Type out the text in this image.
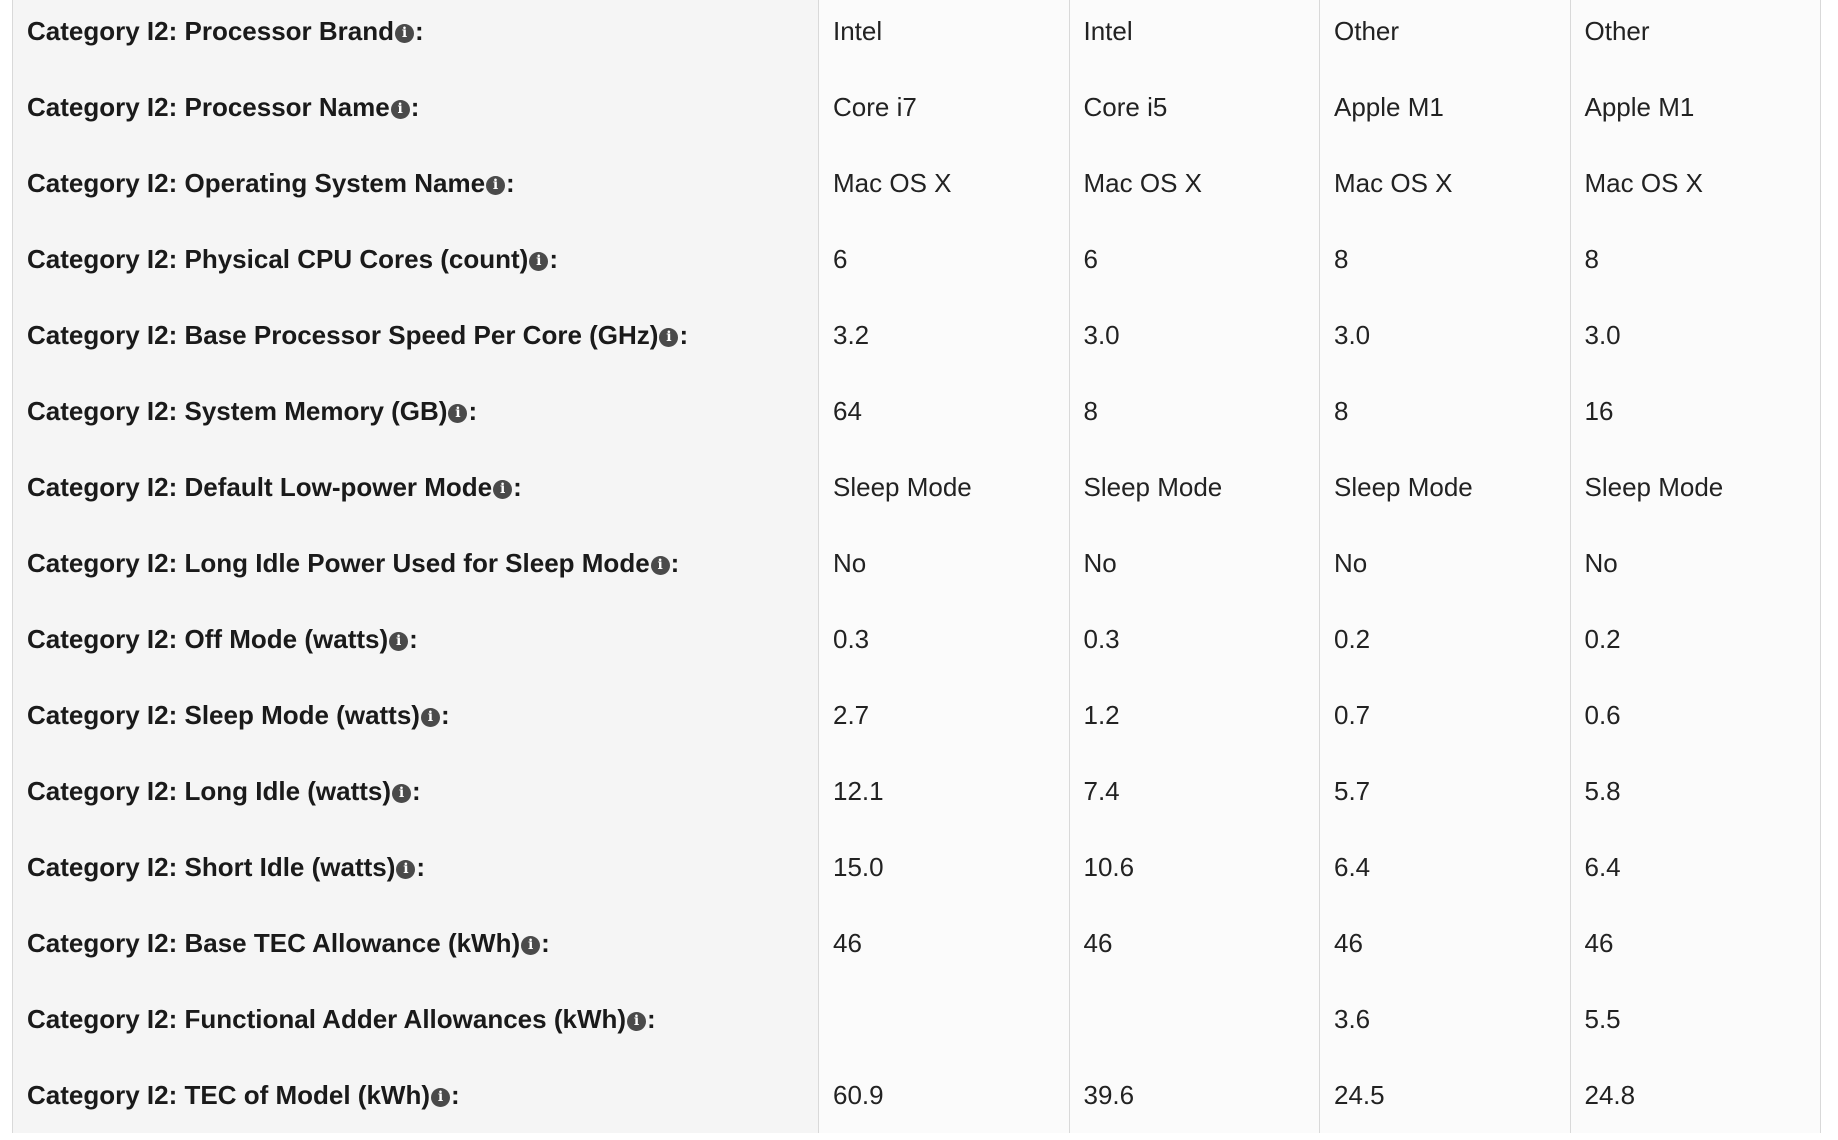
Category I2: Processor Brand i :	Intel	Intel	Other	Other
Category I2: Processor Name i :	Core i7	Core i5	Apple M1	Apple M1
Category I2: Operating System Name i :	Mac OS X	Mac OS X	Mac OS X	Mac OS X
Category I2: Physical CPU Cores (count) i :	6	6	8	8
Category I2: Base Processor Speed Per Core (GHz) i :	3.2	3.0	3.0	3.0
Category I2: System Memory (GB) i :	64	8	8	16
Category I2: Default Low-power Mode i :	Sleep Mode	Sleep Mode	Sleep Mode	Sleep Mode
Category I2: Long Idle Power Used for Sleep Mode i :	No	No	No	No
Category I2: Off Mode (watts) i :	0.3	0.3	0.2	0.2
Category I2: Sleep Mode (watts) i :	2.7	1.2	0.7	0.6
Category I2: Long Idle (watts) i :	12.1	7.4	5.7	5.8
Category I2: Short Idle (watts) i :	15.0	10.6	6.4	6.4
Category I2: Base TEC Allowance (kWh) i :	46	46	46	46
Category I2: Functional Adder Allowances (kWh) i :			3.6	5.5
Category I2: TEC of Model (kWh) i :	60.9	39.6	24.5	24.8
